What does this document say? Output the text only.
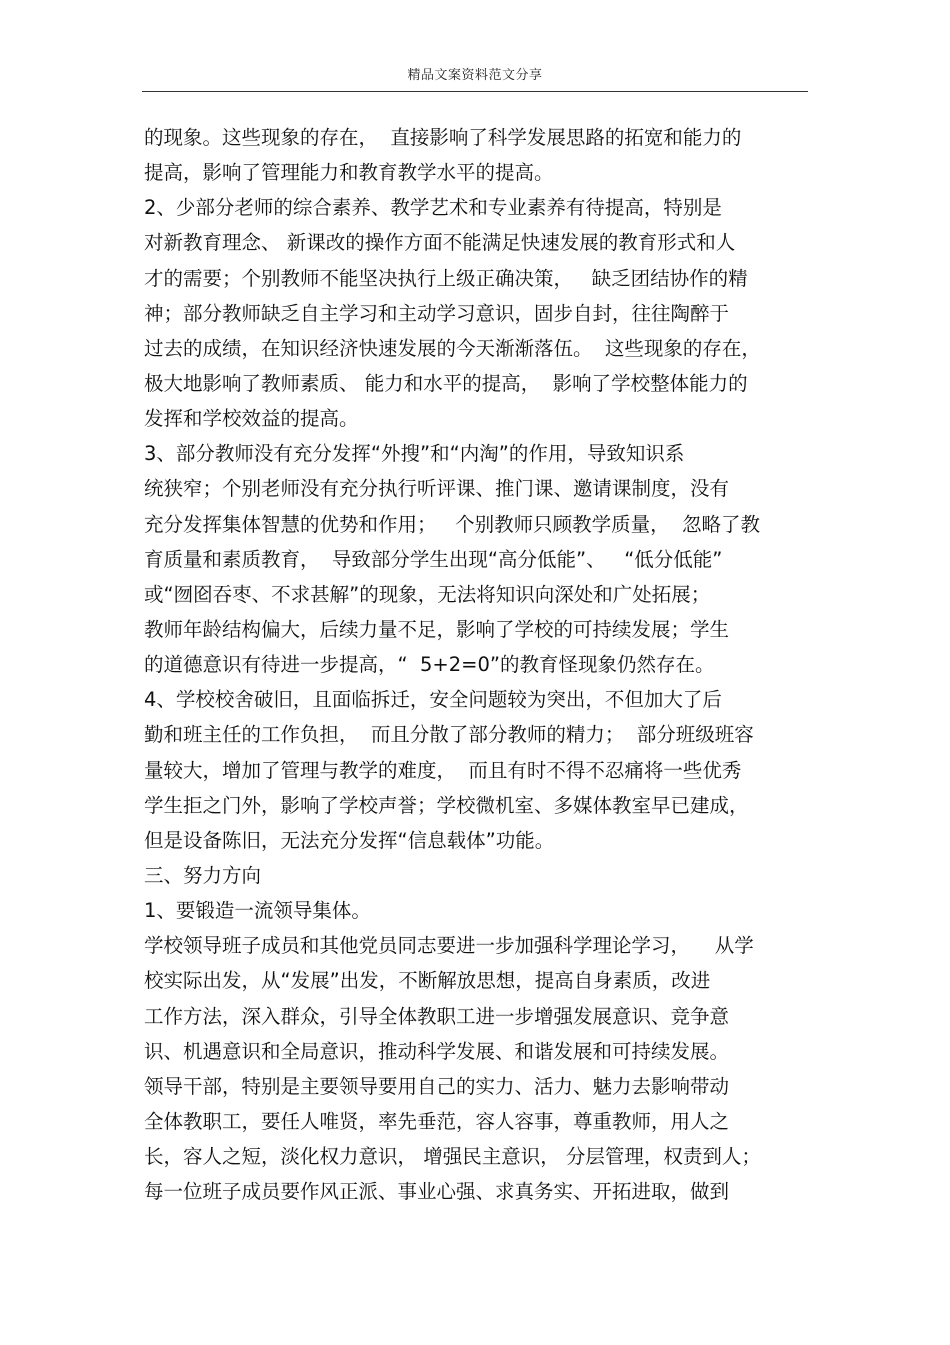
精品文案资料范文分享
的现象。这些现象的存在，  直接影响了科学发展思路的拓宽和能力的
提高，影响了管理能力和教育教学水平的提高。
2、少部分老师的综合素养、教学艺术和专业素养有待提高，特别是
对新教育理念、 新课改的操作方面不能满足快速发展的教育形式和人
才的需要；个别教师不能坚决执行上级正确决策，   缺乏团结协作的精
神；部分教师缺乏自主学习和主动学习意识，固步自封，往往陶醉于
过去的成绩，在知识经济快速发展的今天渐渐落伍。  这些现象的存在，
极大地影响了教师素质、 能力和水平的提高，  影响了学校整体能力的
发挥和学校效益的提高。
3、部分教师没有充分发挥“外搜”和“内淘”的作用，导致知识系
统狭窄；个别老师没有充分执行听评课、推门课、邀请课制度，没有
充分发挥集体智慧的优势和作用；   个别教师只顾教学质量，  忽略了教
育质量和素质教育，  导致部分学生出现“高分低能”、   “低分低能”
或“囫囵吞枣、不求甚解”的现象，无法将知识向深处和广处拓展；
教师年龄结构偏大，后续力量不足，影响了学校的可持续发展；学生
的道德意识有待进一步提高，“  5+2=0”的教育怪现象仍然存在。
4、学校校舍破旧，且面临拆迁，安全问题较为突出，不但加大了后
勤和班主任的工作负担，  而且分散了部分教师的精力；  部分班级班容
量较大，增加了管理与教学的难度，  而且有时不得不忍痛将一些优秀
学生拒之门外，影响了学校声誉；学校微机室、多媒体教室早已建成，
但是设备陈旧，无法充分发挥“信息载体”功能。
三、努力方向
1、要锻造一流领导集体。
学校领导班子成员和其他党员同志要进一步加强科学理论学习，    从学
校实际出发，从“发展”出发，不断解放思想，提高自身素质，改进
工作方法，深入群众，引导全体教职工进一步增强发展意识、竞争意
识、机遇意识和全局意识，推动科学发展、和谐发展和可持续发展。
领导干部，特别是主要领导要用自己的实力、活力、魅力去影响带动
全体教职工，要任人唯贤，率先垂范，容人容事，尊重教师，用人之
长，容人之短，淡化权力意识， 增强民主意识， 分层管理，权责到人；
每一位班子成员要作风正派、事业心强、求真务实、开拓进取，做到
